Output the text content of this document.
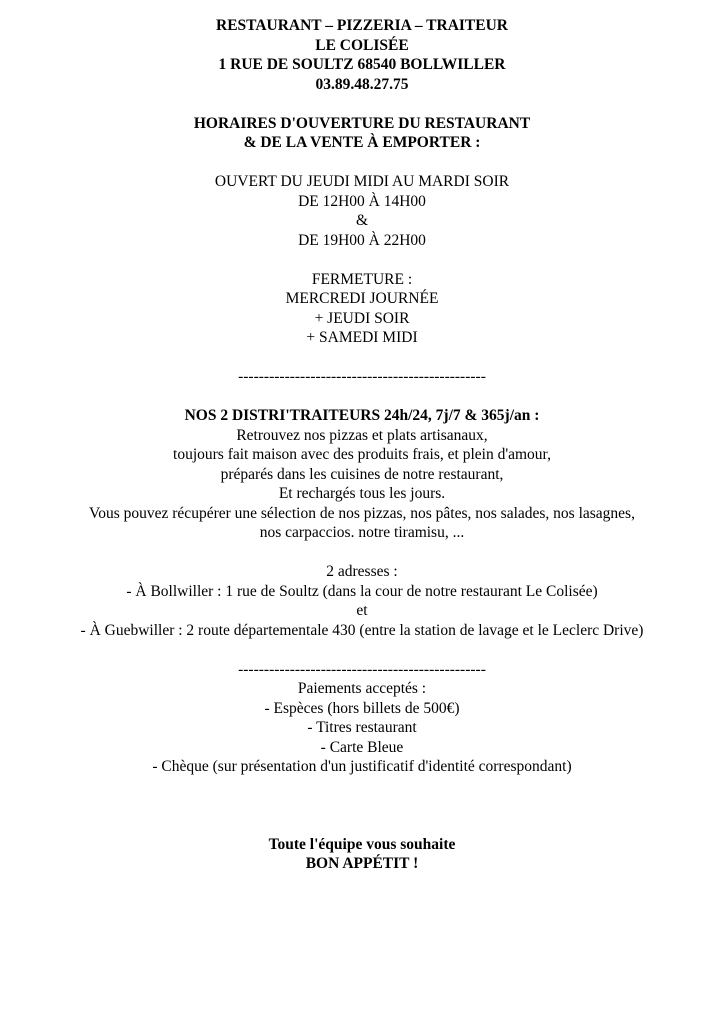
RESTAURANT – PIZZERIA – TRAITEUR
LE COLISÉE
1 RUE DE SOULTZ 68540 BOLLWILLER
03.89.48.27.75
HORAIRES D'OUVERTURE DU RESTAURANT
& DE LA VENTE À EMPORTER :
OUVERT DU JEUDI MIDI AU MARDI SOIR
DE 12H00 À 14H00
&
DE 19H00 À 22H00
FERMETURE :
MERCREDI JOURNÉE
+ JEUDI SOIR
+ SAMEDI MIDI
------------------------------------------------
NOS 2 DISTRI'TRAITEURS 24h/24, 7j/7 & 365j/an :
Retrouvez nos pizzas et plats artisanaux,
toujours fait maison avec des produits frais, et plein d'amour,
préparés dans les cuisines de notre restaurant,
Et rechargés tous les jours.
Vous pouvez récupérer une sélection de nos pizzas, nos pâtes, nos salades, nos lasagnes,
nos carpaccios. notre tiramisu, ...
2 adresses :
- À Bollwiller : 1 rue de Soultz (dans la cour de notre restaurant Le Colisée)
et
- À Guebwiller : 2 route départementale 430 (entre la station de lavage et le Leclerc Drive)
------------------------------------------------
Paiements acceptés :
- Espèces (hors billets de 500€)
- Titres restaurant
- Carte Bleue
- Chèque (sur présentation d'un justificatif d'identité correspondant)
Toute l'équipe vous souhaite
BON APPÉTIT !
